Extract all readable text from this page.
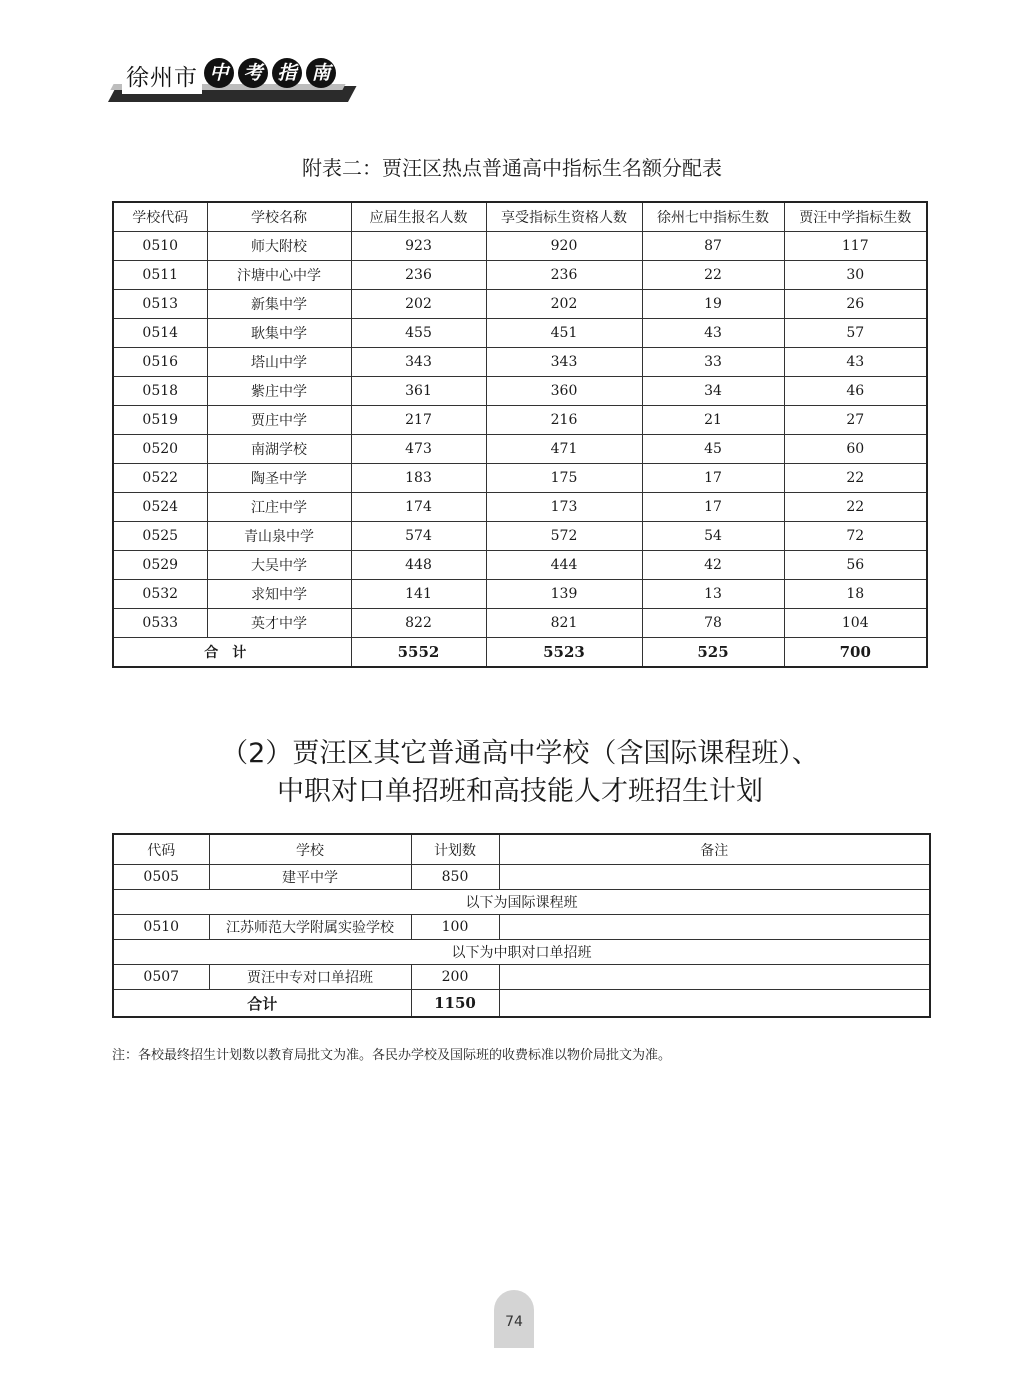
徐州市 中 考 指 南
附表二：贾汪区热点普通高中指标生名额分配表
学校代码	学校名称	应届生报名人数	享受指标生资格人数	徐州七中指标生数	贾汪中学指标生数
0510	师大附校	923	920	87	117
0511	汴塘中心中学	236	236	22	30
0513	新集中学	202	202	19	26
0514	耿集中学	455	451	43	57
0516	塔山中学	343	343	33	43
0518	紫庄中学	361	360	34	46
0519	贾庄中学	217	216	21	27
0520	南湖学校	473	471	45	60
0522	陶圣中学	183	175	17	22
0524	江庄中学	174	173	17	22
0525	青山泉中学	574	572	54	72
0529	大吴中学	448	444	42	56
0532	求知中学	141	139	13	18
0533	英才中学	822	821	78	104
合计		5552	5523	525	700
（2）贾汪区其它普通高中学校（含国际课程班）、
中职对口单招班和高技能人才班招生计划
代码	学校	计划数	备注
0505	建平中学	850	
以下为国际课程班			
0510	江苏师范大学附属实验学校	100	
以下为中职对口单招班			
0507	贾汪中专对口单招班	200	
合计		1150	
注：各校最终招生计划数以教育局批文为准。各民办学校及国际班的收费标准以物价局批文为准。
74
